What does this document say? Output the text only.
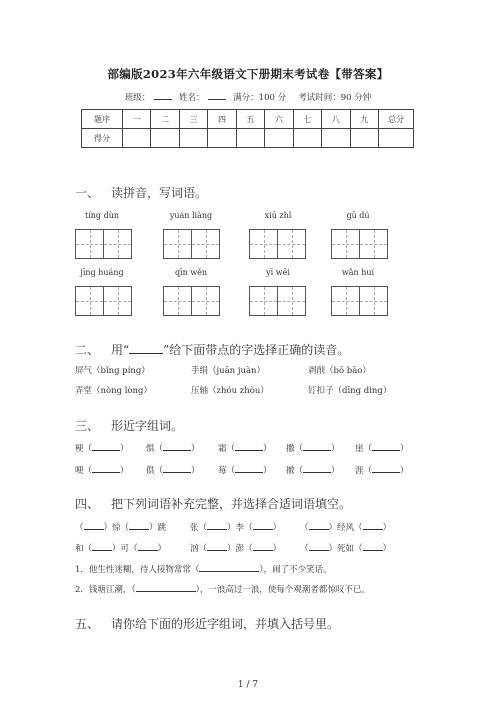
部编版2023年六年级语文下册期末考试卷【带答案】
班级：	姓名：	满分：100 分 考试时间：90 分钟
题序	一	二	三	四	五	六	七	八	九	总分
得分										
一、 读拼音，写词语。
tíng dùn	yuán liàng	xiū zhǐ	gū dú
jīng huáng	qīn wěn	yī wēi	wǎn huí
二、 用“	”给下面带点的字选择正确的读音。
屏气（bǐng píng）	手绢（juān juàn）	剥削（bō bāo）
弄堂（nòng lòng）	压轴（zhóu zhòu）	钉扣子（dīng dìng）
三、 形近字组词。
梗（	） 惧（	） 霜（	） 撒（	） 崖（	）
哽（	） 俱（	） 莓（	） 撤（	） 涯（	）
四、 把下列词语补充完整，并选择合适词语填空。
（ ）惊（ ）跳	张（ ）李（ ） （ ）经风（ ）
和（ ）可（ ）	汹（ ）澎（ ） （ ）死如（ ）
1．他生性迷糊，待人接物常常（	），闹了不少笑话。
2．钱塘江潮，（	），一浪高过一浪，使每个观潮者都惊叹不已。
五、 请你给下面的形近字组词，并填入括号里。
1 / 7
